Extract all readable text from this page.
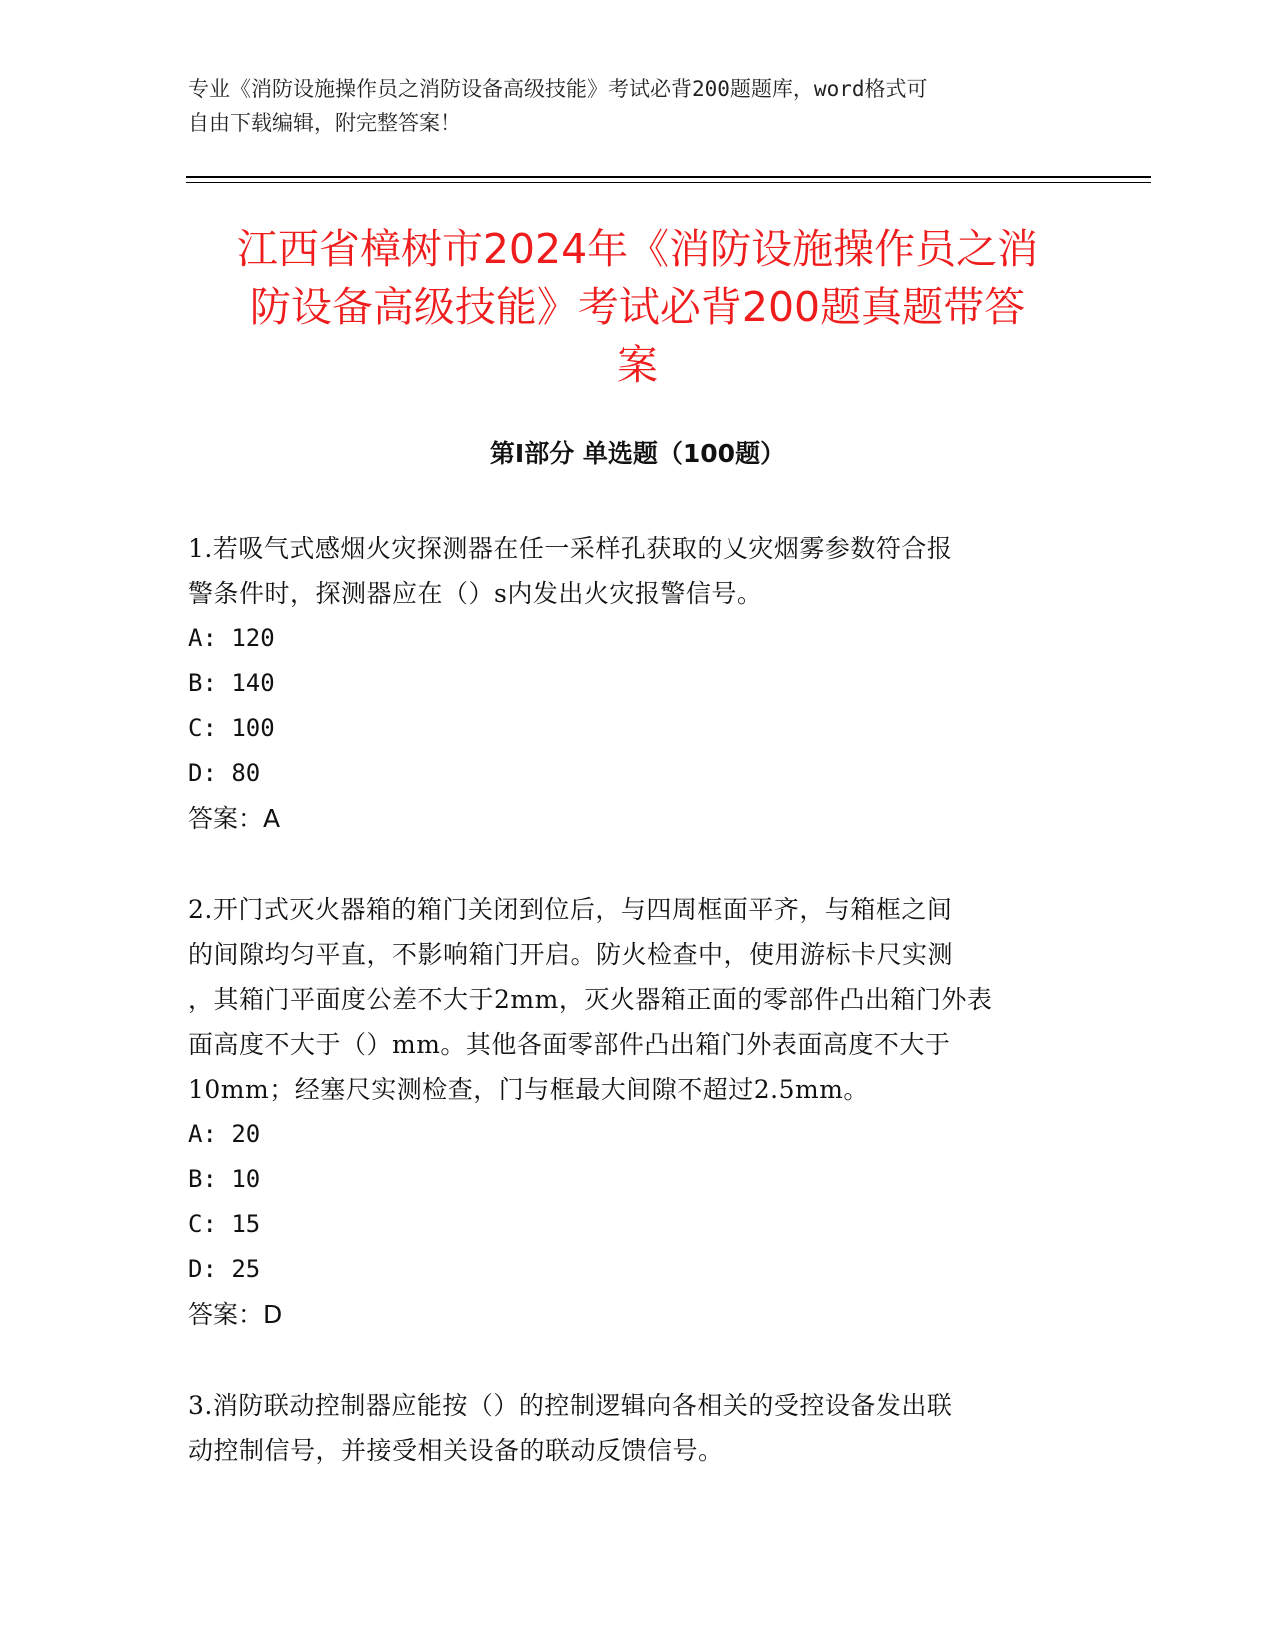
专业《消防设施操作员之消防设备高级技能》考试必背200题题库，word格式可
自由下载编辑，附完整答案！
江西省樟树市2024年《消防设施操作员之消
防设备高级技能》考试必背200题真题带答
案
第I部分 单选题（100题）
1.若吸气式感烟火灾探测器在任一采样孔获取的乂灾烟雾参数符合报
警条件时，探测器应在（）s内发出火灾报警信号。
A: 120
B: 140
C: 100
D: 80
答案：A
2.开门式灭火器箱的箱门关闭到位后，与四周框面平齐，与箱框之间
的间隙均匀平直，不影响箱门开启。防火检查中，使用游标卡尺实测
，其箱门平面度公差不大于2mm，灭火器箱正面的零部件凸出箱门外表
面高度不大于（）mm。其他各面零部件凸出箱门外表面高度不大于
10mm；经塞尺实测检查，门与框最大间隙不超过2.5mm。
A: 20
B: 10
C: 15
D: 25
答案：D
3.消防联动控制器应能按（）的控制逻辑向各相关的受控设备发出联
动控制信号，并接受相关设备的联动反馈信号。
